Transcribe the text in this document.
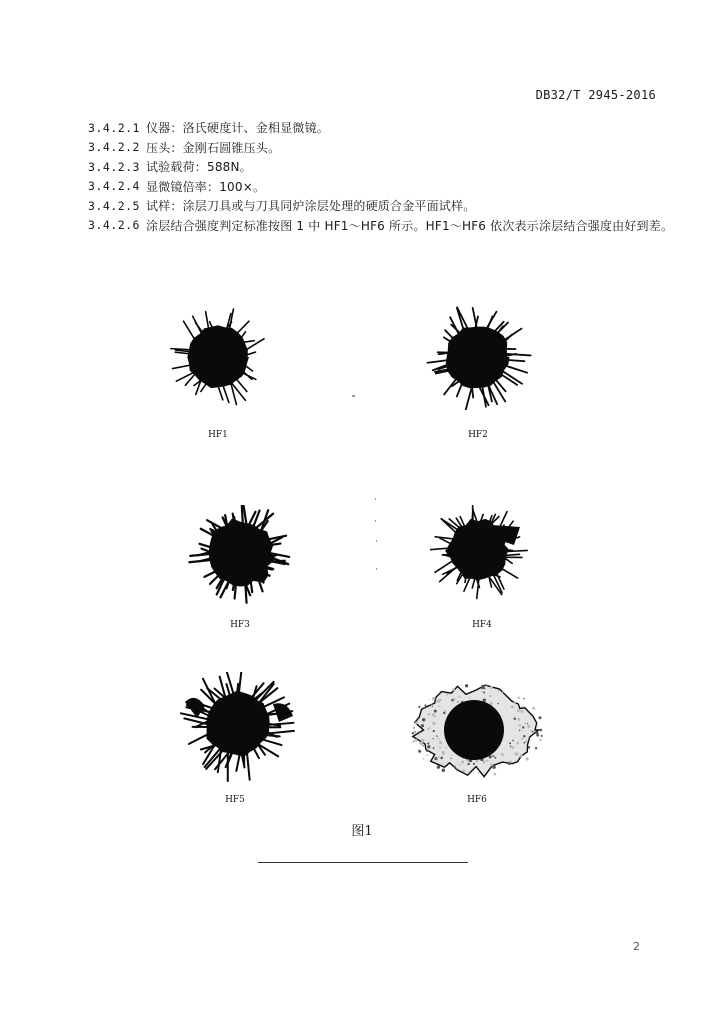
DB32/T 2945-2016
3.4.2.1 仪器：洛氏硬度计、金相显微镜。
3.4.2.2 压头：金刚石圆锥压头。
3.4.2.3 试验载荷：588N。
3.4.2.4 显微镜倍率：100×。
3.4.2.5 试样：涂层刀具或与刀具同炉涂层处理的硬质合金平面试样。
3.4.2.6 涂层结合强度判定标准按图 1 中 HF1～HF6 所示。HF1～HF6 依次表示涂层结合强度由好到差。
HF1	HF2
HF3	HF4
HF5	HF6
图1
2
